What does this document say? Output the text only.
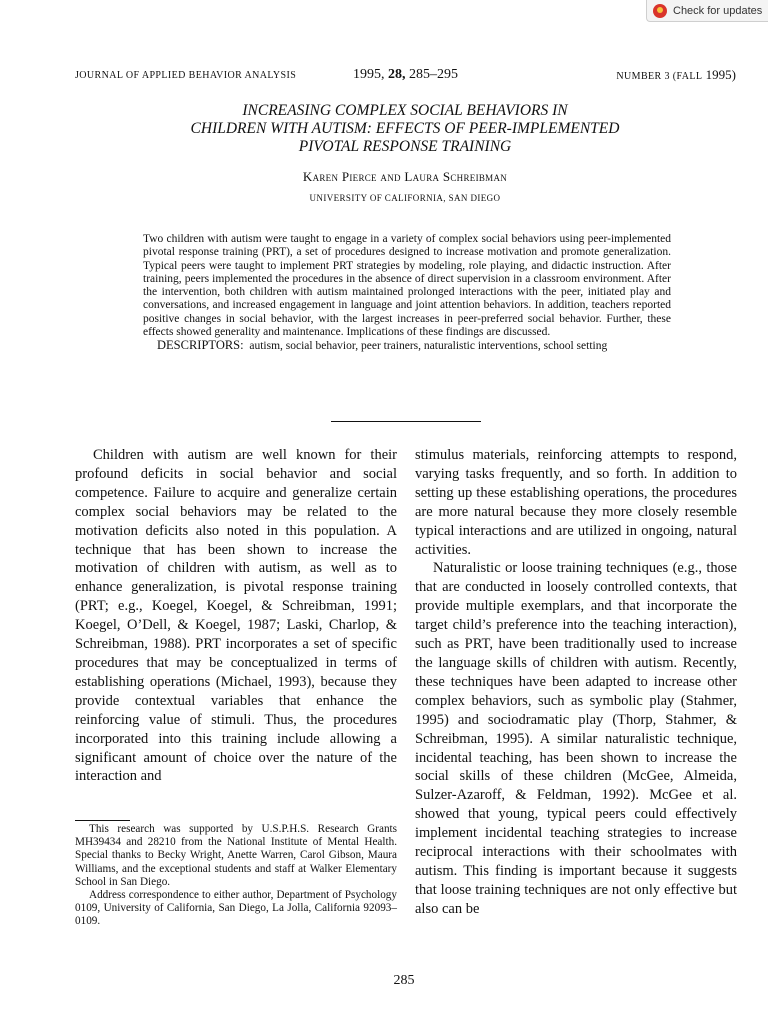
Check for updates
JOURNAL OF APPLIED BEHAVIOR ANALYSIS	1995, 28, 285–295	NUMBER 3 (FALL 1995)
INCREASING COMPLEX SOCIAL BEHAVIORS IN
CHILDREN WITH AUTISM: EFFECTS OF PEER-IMPLEMENTED
PIVOTAL RESPONSE TRAINING
Karen Pierce and Laura Schreibman
UNIVERSITY OF CALIFORNIA, SAN DIEGO

Two children with autism were taught to engage in a variety of complex social behaviors using peer-implemented pivotal response training (PRT), a set of procedures designed to increase motivation and promote generalization. Typical peers were taught to implement PRT strategies by modeling, role playing, and didactic instruction. After training, peers implemented the procedures in the absence of direct supervision in a classroom environment. After the intervention, both children with autism maintained prolonged interactions with the peer, initiated play and conversations, and increased engagement in language and joint attention behaviors. In addition, teachers reported positive changes in social behavior, with the largest increases in peer-preferred social behavior. Further, these effects showed generality and maintenance. Implications of these findings are discussed.

DESCRIPTORS: autism, social behavior, peer trainers, naturalistic interventions, school setting

Children with autism are well known for their profound deficits in social behavior and social competence. Failure to acquire and generalize certain complex social behaviors may be related to the motivation deficits also noted in this population. A technique that has been shown to increase the motivation of children with autism, as well as to enhance generalization, is pivotal response training (PRT; e.g., Koegel, Koegel, & Schreibman, 1991; Koegel, O’Dell, & Koegel, 1987; Laski, Charlop, & Schreibman, 1988). PRT incorporates a set of specific procedures that may be conceptualized in terms of establishing operations (Michael, 1993), because they provide contextual variables that enhance the reinforcing value of stimuli. Thus, the procedures incorporated into this training include allowing a significant amount of choice over the nature of the interaction and

stimulus materials, reinforcing attempts to respond, varying tasks frequently, and so forth. In addition to setting up these establishing operations, the procedures are more natural because they more closely resemble typical interactions and are utilized in ongoing, natural activities.

Naturalistic or loose training techniques (e.g., those that are conducted in loosely controlled contexts, that provide multiple exemplars, and that incorporate the target child’s preference into the teaching interaction), such as PRT, have been traditionally used to increase the language skills of children with autism. Recently, these techniques have been adapted to increase other complex behaviors, such as symbolic play (Stahmer, 1995) and sociodramatic play (Thorp, Stahmer, & Schreibman, 1995). A similar naturalistic technique, incidental teaching, has been shown to increase the social skills of these children (McGee, Almeida, Sulzer-Azaroff, & Feldman, 1992). McGee et al. showed that young, typical peers could effectively implement incidental teaching strategies to increase reciprocal interactions with their schoolmates with autism. This finding is important because it suggests that loose training techniques are not only effective but also can be

This research was supported by U.S.P.H.S. Research Grants MH39434 and 28210 from the National Institute of Mental Health. Special thanks to Becky Wright, Anette Warren, Carol Gibson, Maura Williams, and the exceptional students and staff at Walker Elementary School in San Diego.

Address correspondence to either author, Department of Psychology 0109, University of California, San Diego, La Jolla, California 92093–0109.

285
